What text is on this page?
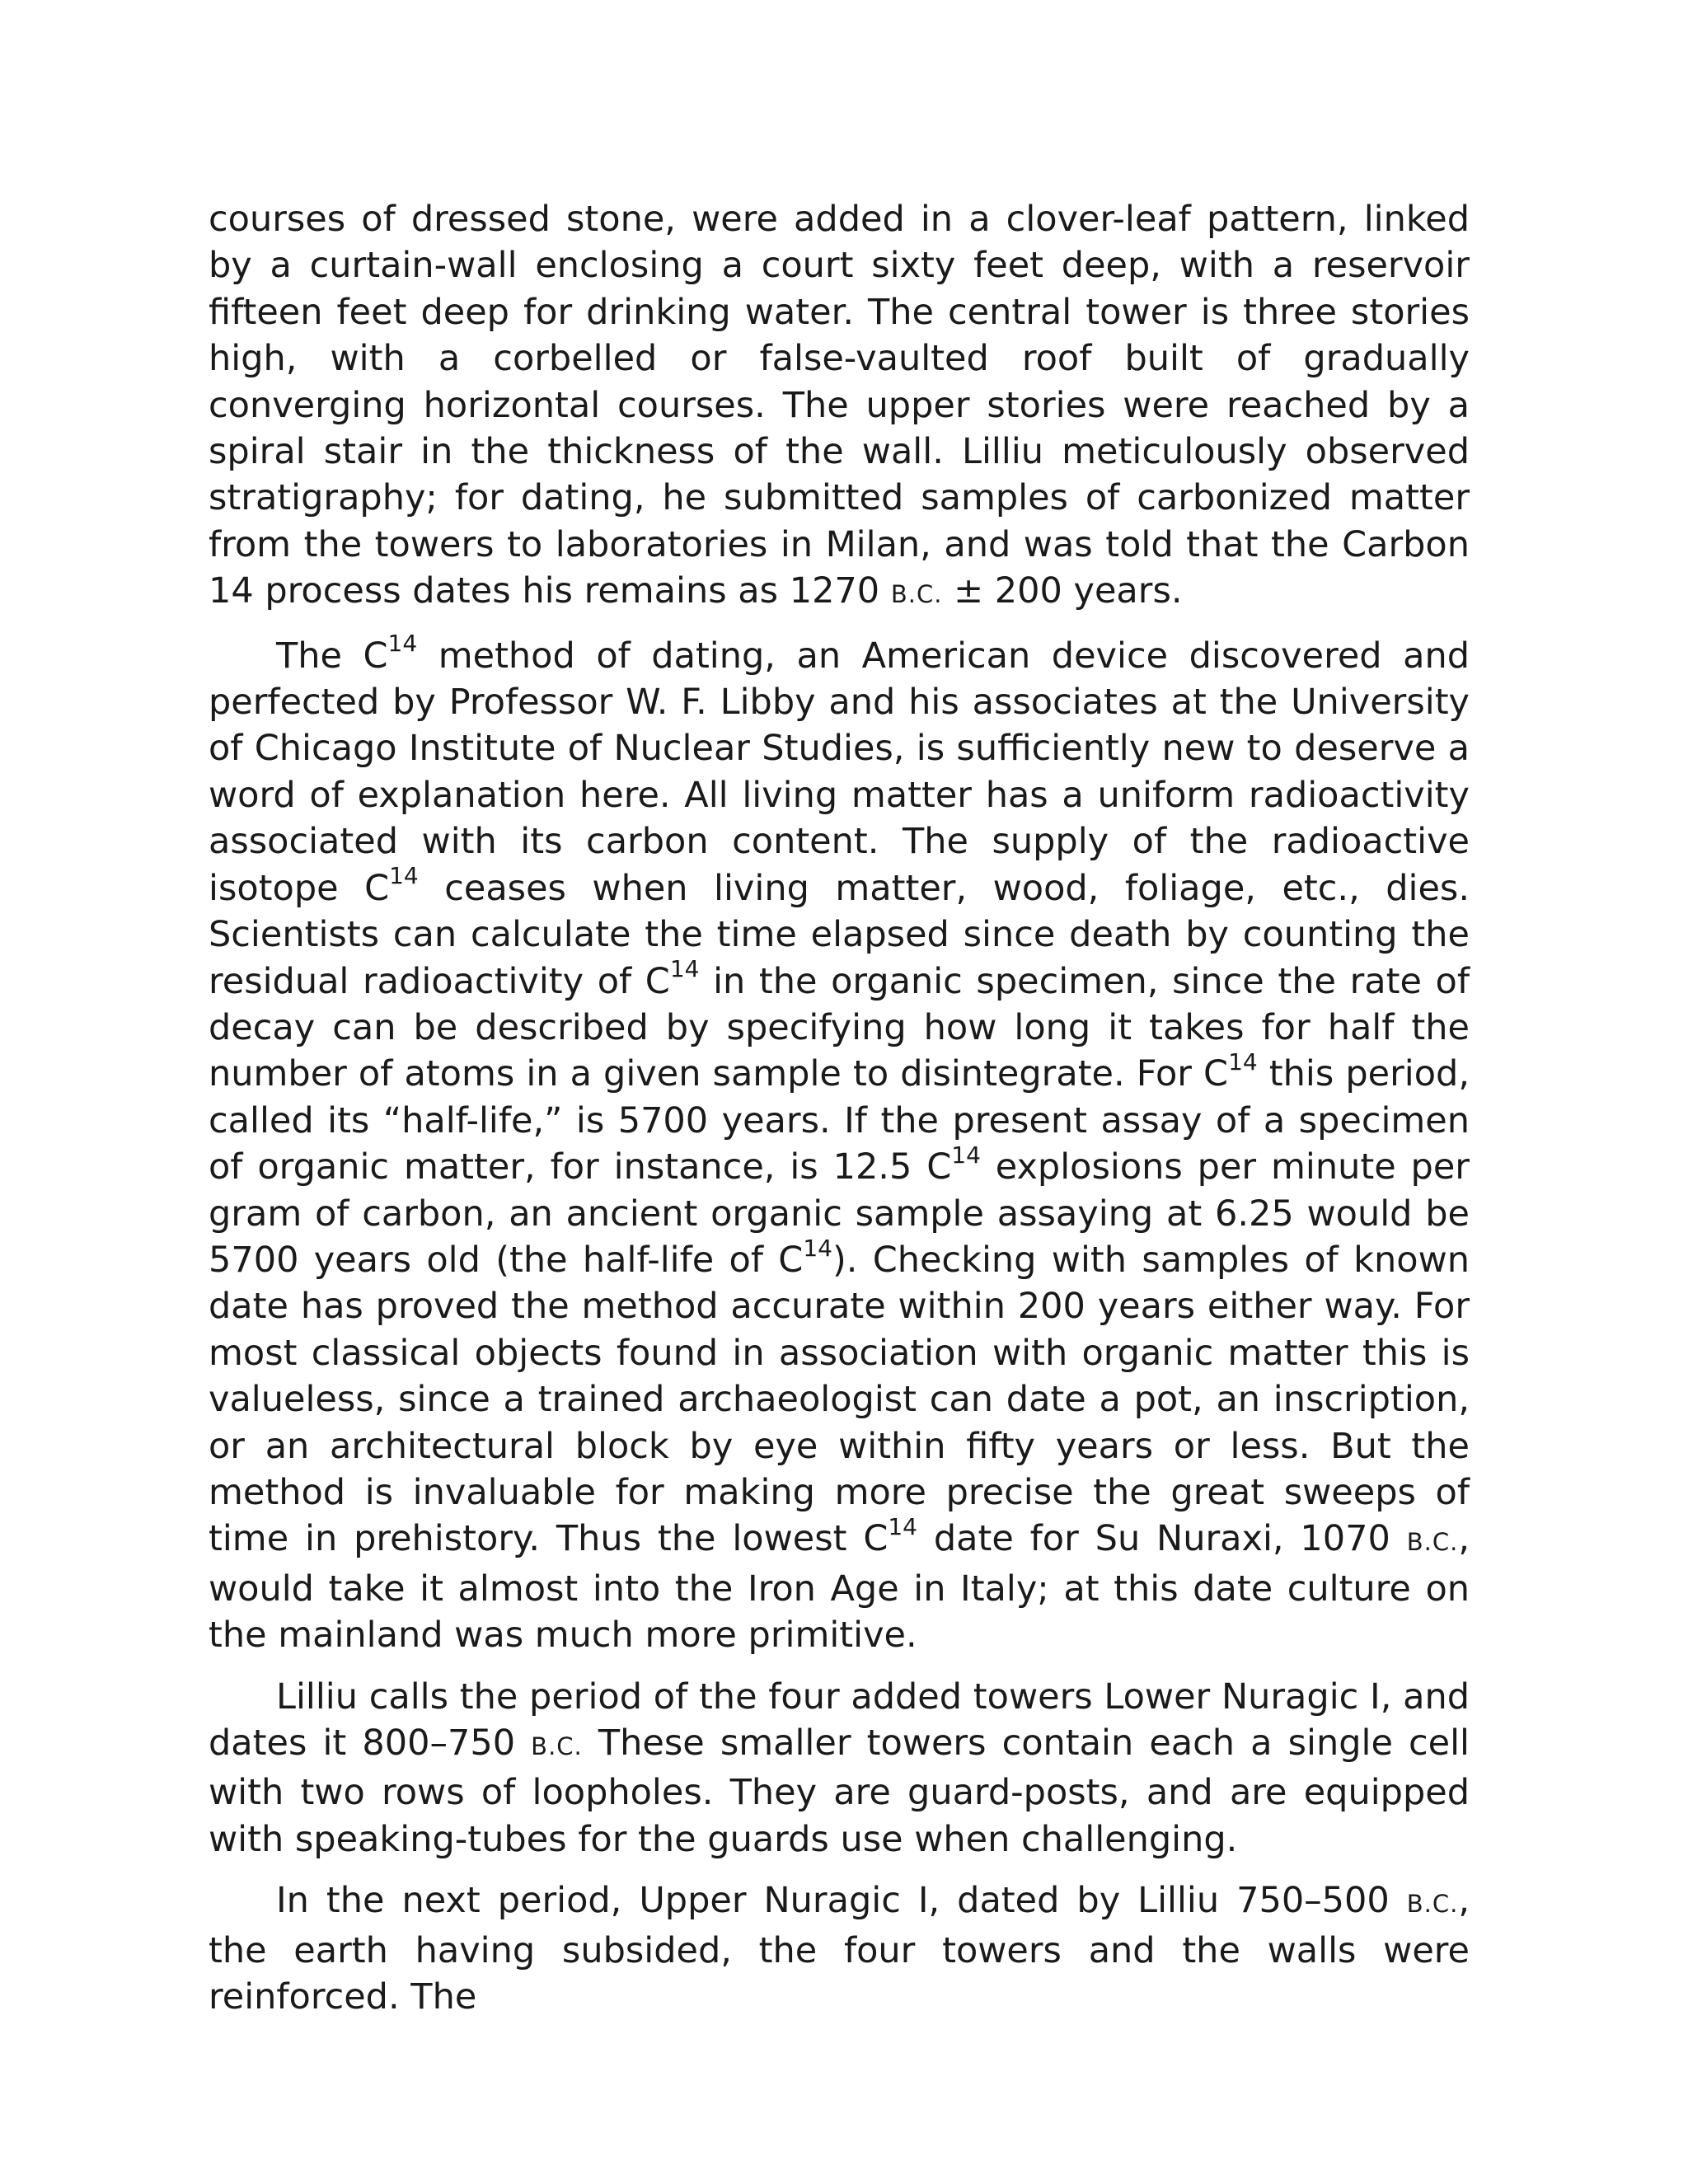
courses of dressed stone, were added in a clover-leaf pattern, linked by a curtain-wall enclosing a court sixty feet deep, with a reservoir fifteen feet deep for drinking water. The central tower is three stories high, with a corbelled or false-vaulted roof built of gradually converging horizontal courses. The upper stories were reached by a spiral stair in the thickness of the wall. Lilliu meticulously observed stratigraphy; for dating, he submitted samples of carbonized matter from the towers to laboratories in Milan, and was told that the Carbon 14 process dates his remains as 1270 B.C. ± 200 years.

The $C^{14}$ method of dating, an American device discovered and perfected by Professor W. F. Libby and his associates at the University of Chicago Institute of Nuclear Studies, is sufficiently new to deserve a word of explanation here. All living matter has a uniform radioactivity associated with its carbon content. The supply of the radioactive isotope $C^{14}$ ceases when living matter, wood, foliage, etc., dies. Scientists can calculate the time elapsed since death by counting the residual radioactivity of $C^{14}$ in the organic specimen, since the rate of decay can be described by specifying how long it takes for half the number of atoms in a given sample to disintegrate. For $C^{14}$ this period, called its “half-life,” is 5700 years. If the present assay of a specimen of organic matter, for instance, is 12.5 $C^{14}$ explosions per minute per gram of carbon, an ancient organic sample assaying at 6.25 would be 5700 years old (the half-life of $C^{14}$). Checking with samples of known date has proved the method accurate within 200 years either way. For most classical objects found in association with organic matter this is valueless, since a trained archaeologist can date a pot, an inscription, or an architectural block by eye within fifty years or less. But the method is invaluable for making more precise the great sweeps of time in prehistory. Thus the lowest $C^{14}$ date for Su Nuraxi, 1070 B.C., would take it almost into the Iron Age in Italy; at this date culture on the mainland was much more primitive.

Lilliu calls the period of the four added towers Lower Nuragic I, and dates it 800–750 B.C. These smaller towers contain each a single cell with two rows of loopholes. They are guard-posts, and are equipped with speaking-tubes for the guards use when challenging.

In the next period, Upper Nuragic I, dated by Lilliu 750–500 B.C., the earth having subsided, the four towers and the walls were reinforced. The
